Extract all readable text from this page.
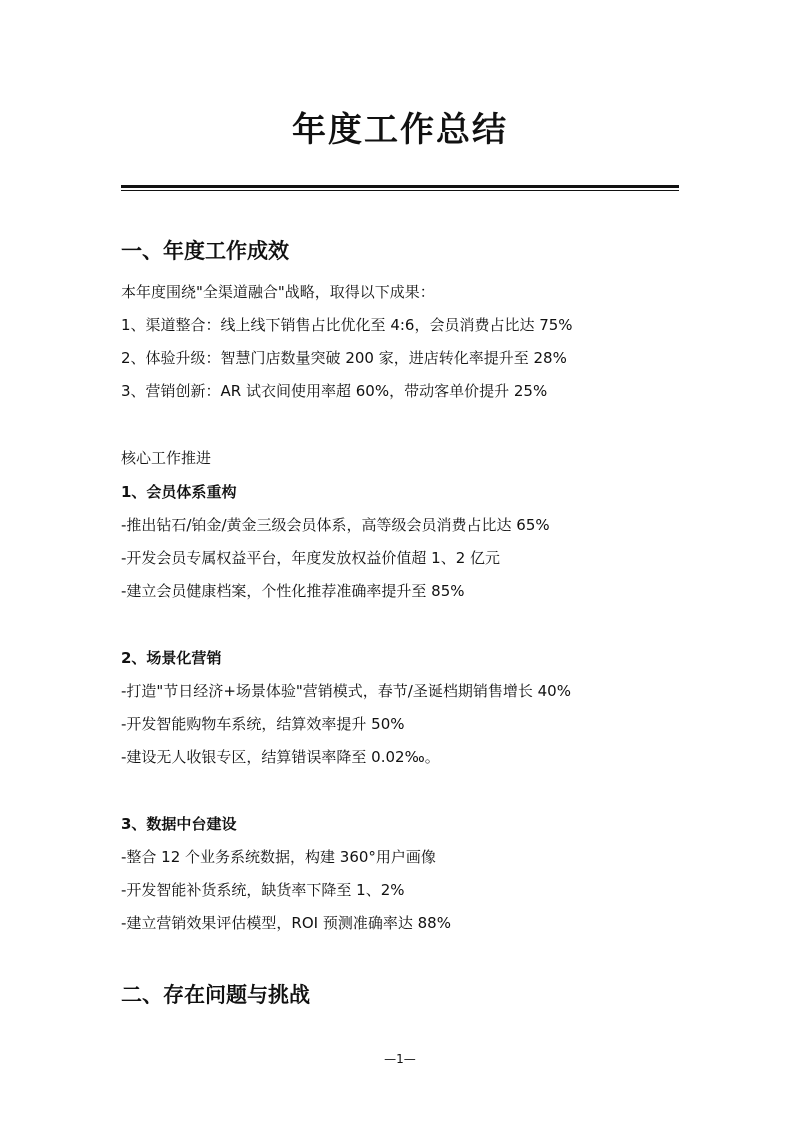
年度工作总结
一、年度工作成效
本年度围绕"全渠道融合"战略，取得以下成果：
1、渠道整合：线上线下销售占比优化至 4:6，会员消费占比达 75%
2、体验升级：智慧门店数量突破 200 家，进店转化率提升至 28%
3、营销创新：AR 试衣间使用率超 60%，带动客单价提升 25%
核心工作推进
1、会员体系重构
-推出钻石/铂金/黄金三级会员体系，高等级会员消费占比达 65%
-开发会员专属权益平台，年度发放权益价值超 1、2 亿元
-建立会员健康档案，个性化推荐准确率提升至 85%
2、场景化营销
-打造"节日经济+场景体验"营销模式，春节/圣诞档期销售增长 40%
-开发智能购物车系统，结算效率提升 50%
-建设无人收银专区，结算错误率降至 0.02‰。
3、数据中台建设
-整合 12 个业务系统数据，构建 360°用户画像
-开发智能补货系统，缺货率下降至 1、2%
-建立营销效果评估模型，ROI 预测准确率达 88%
二、存在问题与挑战
—1—
